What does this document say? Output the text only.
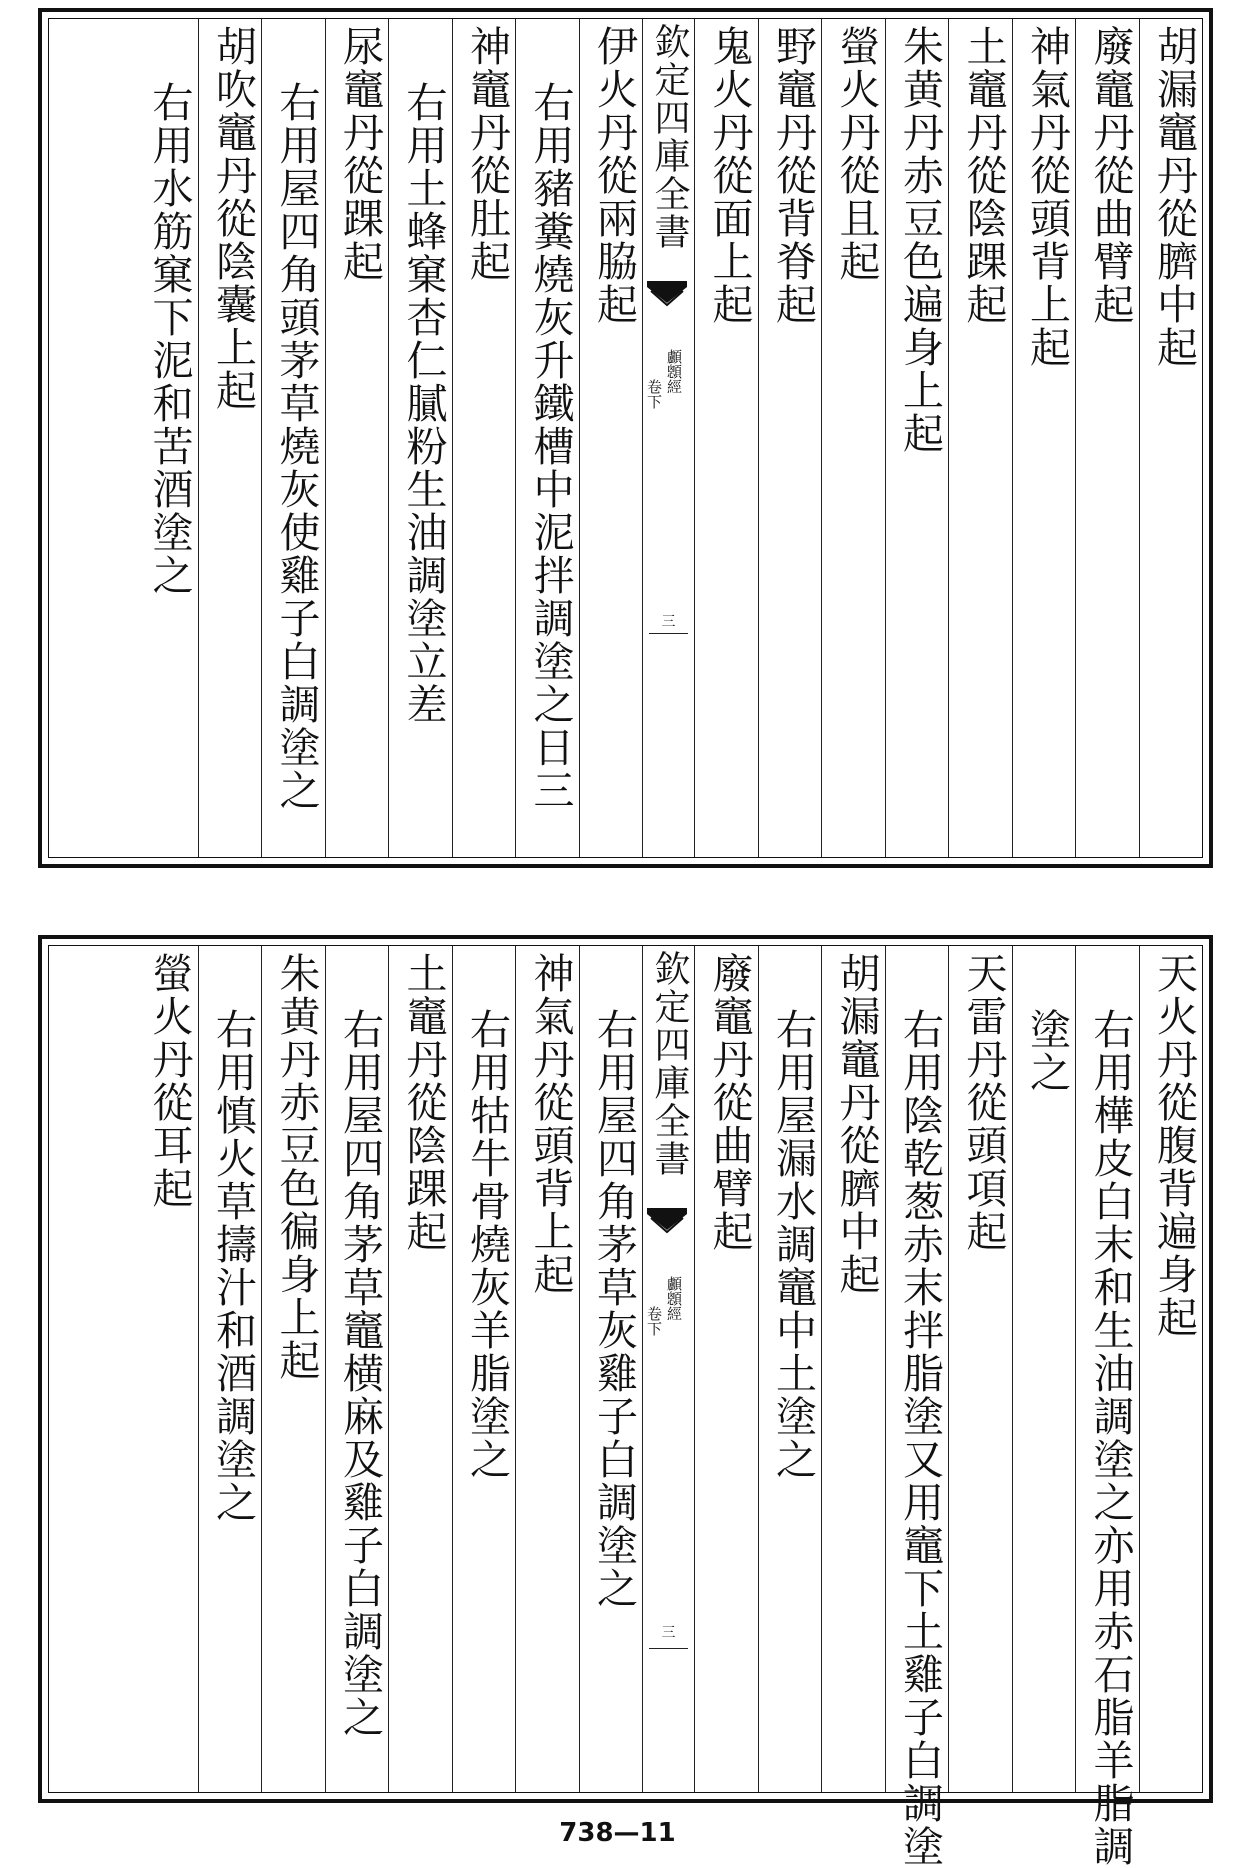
胡漏竈丹從臍中起
廢竈丹從曲臂起
神氣丹從頭背上起
土竈丹從陰踝起
朱黄丹赤豆色遍身上起
螢火丹從且起
野竈丹從背脊起
鬼火丹從面上起
欽定四庫全書
顱顖經
卷下
三
伊火丹從兩脇起
右用豬糞燒灰升鐵槽中泥拌調塗之日三
神竈丹從肚起
右用土蜂窠杏仁膩粉生油調塗立差
尿竈丹從踝起
右用屋四角頭茅草燒灰使雞子白調塗之
胡吹竈丹從陰囊上起
右用水筋窠下泥和苦酒塗之
天火丹從腹背遍身起
右用樺皮白末和生油調塗之亦用赤石脂羊脂調
塗之
天雷丹從頭項起
右用陰乾葱赤末拌脂塗又用竈下土雞子白調塗
胡漏竈丹從臍中起
右用屋漏水調竈中土塗之
廢竈丹從曲臂起
欽定四庫全書
顱顖經
卷下
三
右用屋四角茅草灰雞子白調塗之
神氣丹從頭背上起
右用牯牛骨燒灰羊脂塗之
土竈丹從陰踝起
右用屋四角茅草竈横麻及雞子白調塗之
朱黄丹赤豆色徧身上起
右用慎火草擣汁和酒調塗之
螢火丹從耳起
738—11
